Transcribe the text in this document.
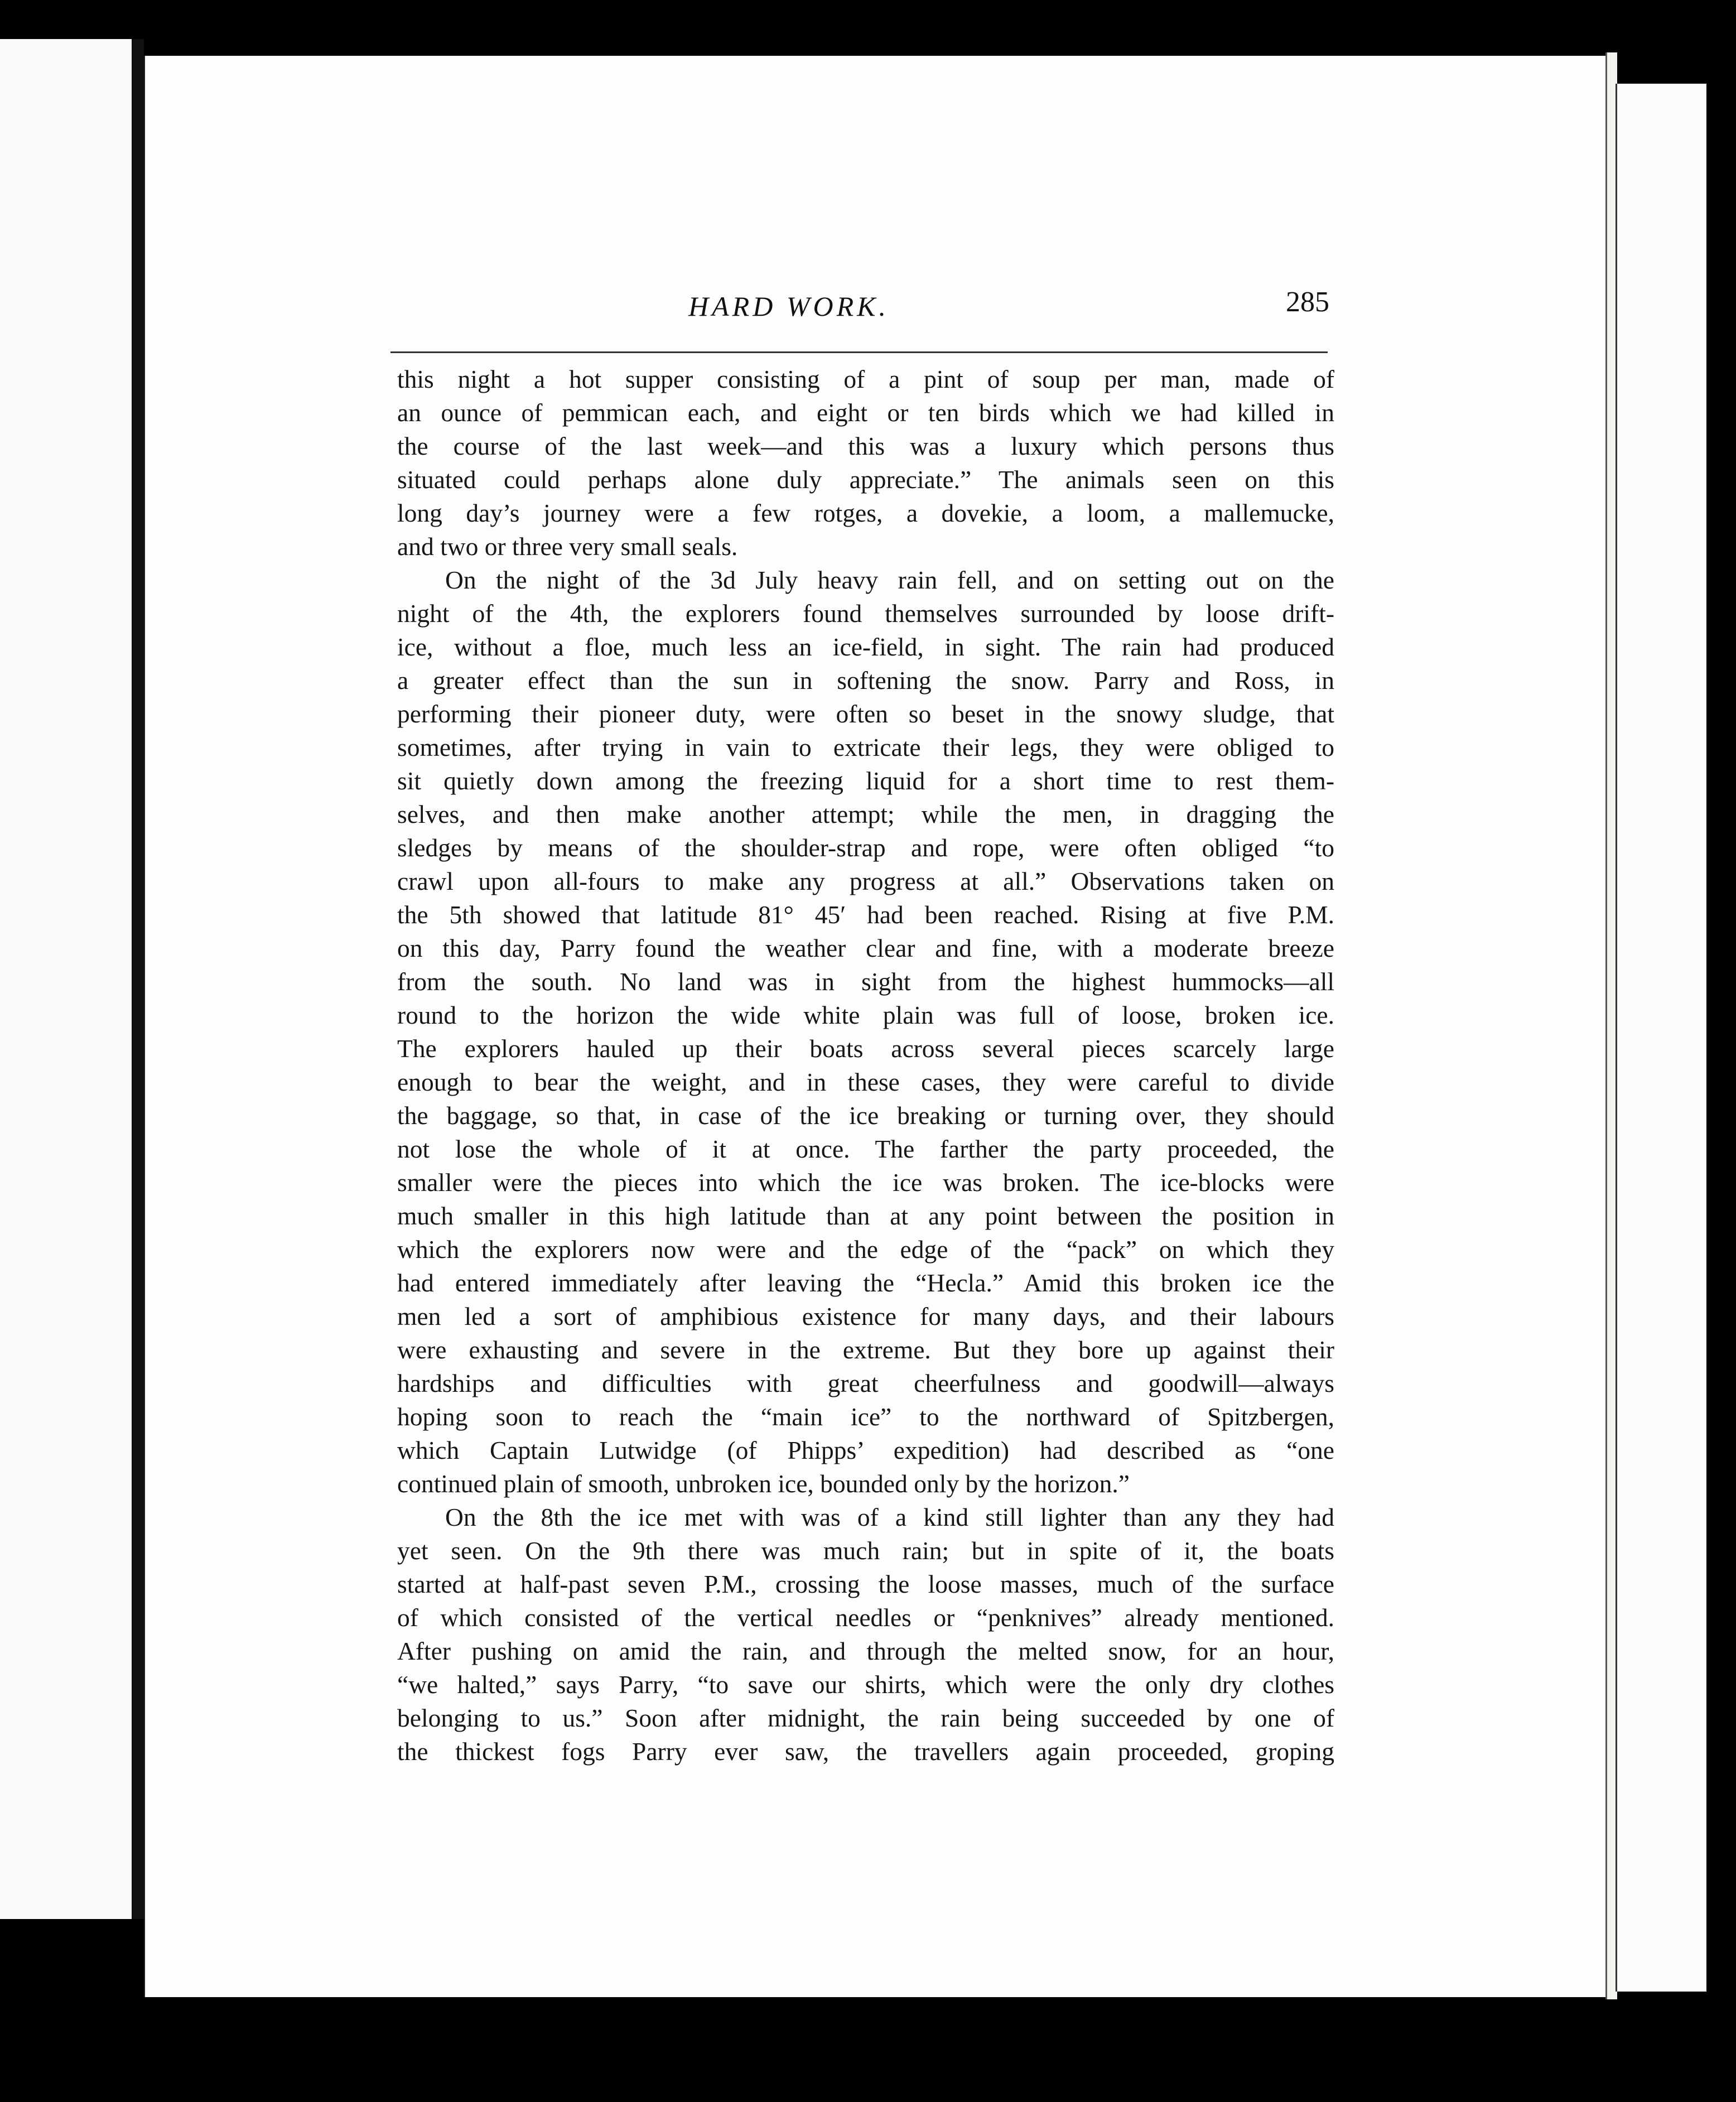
HARD WORK.	285
this night a hot supper consisting of a pint of soup per man, made of
an ounce of pemmican each, and eight or ten birds which we had killed in
the course of the last week—and this was a luxury which persons thus
situated could perhaps alone duly appreciate.” The animals seen on this
long day’s journey were a few rotges, a dovekie, a loom, a mallemucke,
and two or three very small seals.
On the night of the 3d July heavy rain fell, and on setting out on the
night of the 4th, the explorers found themselves surrounded by loose drift-
ice, without a floe, much less an ice-field, in sight. The rain had produced
a greater effect than the sun in softening the snow. Parry and Ross, in
performing their pioneer duty, were often so beset in the snowy sludge, that
sometimes, after trying in vain to extricate their legs, they were obliged to
sit quietly down among the freezing liquid for a short time to rest them-
selves, and then make another attempt; while the men, in dragging the
sledges by means of the shoulder-strap and rope, were often obliged “to
crawl upon all-fours to make any progress at all.” Observations taken on
the 5th showed that latitude 81° 45′ had been reached. Rising at five P.M.
on this day, Parry found the weather clear and fine, with a moderate breeze
from the south. No land was in sight from the highest hummocks—all
round to the horizon the wide white plain was full of loose, broken ice.
The explorers hauled up their boats across several pieces scarcely large
enough to bear the weight, and in these cases, they were careful to divide
the baggage, so that, in case of the ice breaking or turning over, they should
not lose the whole of it at once. The farther the party proceeded, the
smaller were the pieces into which the ice was broken. The ice-blocks were
much smaller in this high latitude than at any point between the position in
which the explorers now were and the edge of the “pack” on which they
had entered immediately after leaving the “Hecla.” Amid this broken ice the
men led a sort of amphibious existence for many days, and their labours
were exhausting and severe in the extreme. But they bore up against their
hardships and difficulties with great cheerfulness and goodwill—always
hoping soon to reach the “main ice” to the northward of Spitzbergen,
which Captain Lutwidge (of Phipps’ expedition) had described as “one
continued plain of smooth, unbroken ice, bounded only by the horizon.”
On the 8th the ice met with was of a kind still lighter than any they had
yet seen. On the 9th there was much rain; but in spite of it, the boats
started at half-past seven P.M., crossing the loose masses, much of the surface
of which consisted of the vertical needles or “penknives” already mentioned.
After pushing on amid the rain, and through the melted snow, for an hour,
“we halted,” says Parry, “to save our shirts, which were the only dry clothes
belonging to us.” Soon after midnight, the rain being succeeded by one of
the thickest fogs Parry ever saw, the travellers again proceeded, groping
